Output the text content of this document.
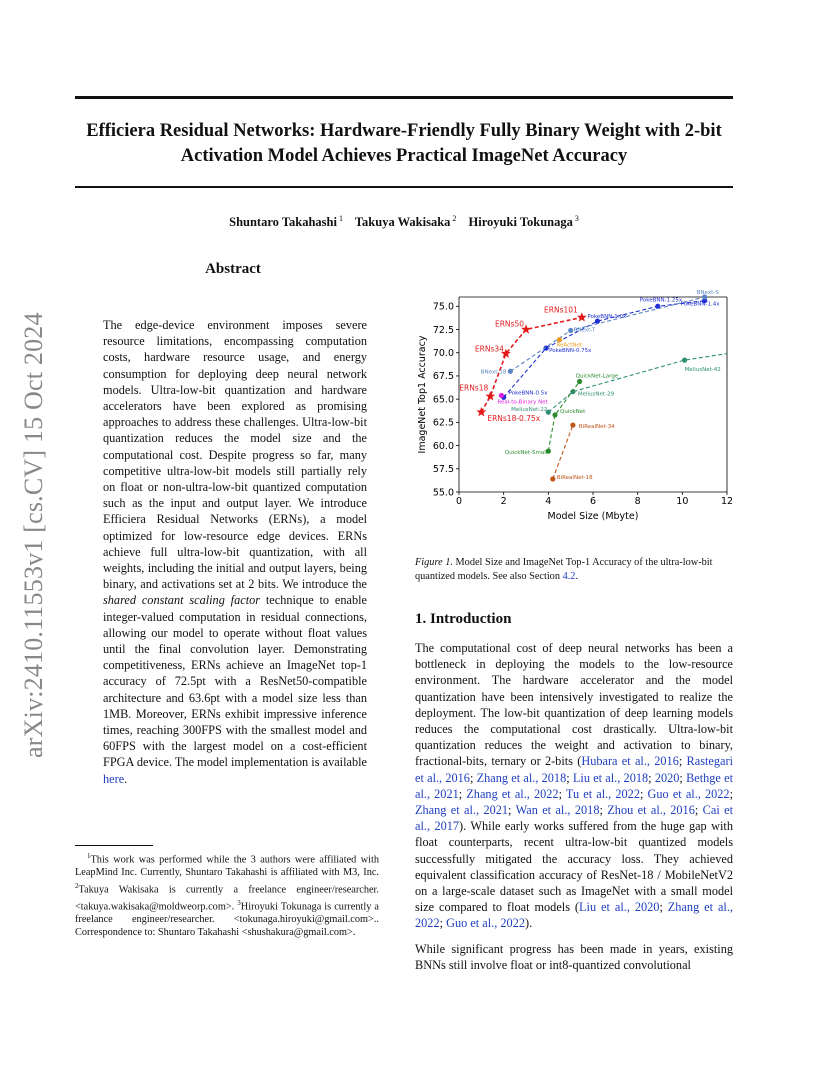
Efficiera Residual Networks: Hardware-Friendly Fully Binary Weight with 2-bit Activation Model Achieves Practical ImageNet Accuracy
Shuntaro Takahashi $^1$ Takuya Wakisaka $^2$ Hiroyuki Tokunaga $^3$
arXiv:2410.11553v1 [cs.CV] 15 Oct 2024
Abstract
The edge-device environment imposes severe resource limitations, encompassing computation costs, hardware resource usage, and energy consumption for deploying deep neural network models. Ultra-low-bit quantization and hardware accelerators have been explored as promising approaches to address these challenges. Ultra-low-bit quantization reduces the model size and the computational cost. Despite progress so far, many competitive ultra-low-bit models still partially rely on float or non-ultra-low-bit quantized computation such as the input and output layer. We introduce Efficiera Residual Networks (ERNs), a model optimized for low-resource edge devices. ERNs achieve full ultra-low-bit quantization, with all weights, including the initial and output layers, being binary, and activations set at 2 bits. We introduce the shared constant scaling factor technique to enable integer-valued computation in residual connections, allowing our model to operate without float values until the final convolution layer. Demonstrating competitiveness, ERNs achieve an ImageNet top-1 accuracy of 72.5pt with a ResNet50-compatible architecture and 63.6pt with a model size less than 1MB. Moreover, ERNs exhibit impressive inference times, reaching 300FPS with the smallest model and 60FPS with the largest model on a cost-efficient FPGA device. The model implementation is available here.

$^1$This work was performed while the 3 authors were affiliated with LeapMind Inc. Currently, Shuntaro Takahashi is affiliated with M3, Inc. $^2$Takuya Wakisaka is currently a freelance engineer/researcher. <takuya.wakisaka@moldweorp.com>. $^3$Hiroyuki Tokunaga is currently a freelance engineer/researcher. <tokunaga.hiroyuki@gmail.com>.. Correspondence to: Shuntaro Takahashi <shushakura@gmail.com>.

0	2	4	6	8	10	12
55.0
57.5
60.0
62.5
65.0
67.5
70.0
72.5
75.0
Model Size (Mbyte)
ImageNet Top1 Accuracy	ERNs18-0.75x
ERNs18
ERNs34
ERNs50
ERNs101
PokeBNN-0.5x
PokeBNN-0.75x
PokeBNN-1.0x
PokeBNN-1.25x
PokeBNN-1.4x
BNext-18
BNext-T
BNext-S
MeliusNet-22
MeliusNet-29
MeliusNet-42
QuickNet-Small
QuickNet
QuickNet-Large
BiRealNet-18
BiRealNet-34
Real-to-Binary Net
ReActNet
Figure 1. Model Size and ImageNet Top-1 Accuracy of the ultra-low-bit quantized models. See also Section 4.2.
1. Introduction
The computational cost of deep neural networks has been a bottleneck in deploying the models to the low-resource environment. The hardware accelerator and the model quantization have been intensively investigated to realize the deployment. The low-bit quantization of deep learning models reduces the computational cost drastically. Ultra-low-bit quantization reduces the weight and activation to binary, fractional-bits, ternary or 2-bits (Hubara et al., 2016; Rastegari et al., 2016; Zhang et al., 2018; Liu et al., 2018; 2020; Bethge et al., 2021; Zhang et al., 2022; Tu et al., 2022; Guo et al., 2022; Zhang et al., 2021; Wan et al., 2018; Zhou et al., 2016; Cai et al., 2017). While early works suffered from the huge gap with float counterparts, recent ultra-low-bit quantized models successfully mitigated the accuracy loss. They achieved equivalent classification accuracy of ResNet-18 / MobileNetV2 on a large-scale dataset such as ImageNet with a small model size compared to float models (Liu et al., 2020; Zhang et al., 2022; Guo et al., 2022).
While significant progress has been made in years, existing BNNs still involve float or int8-quantized convolutional
